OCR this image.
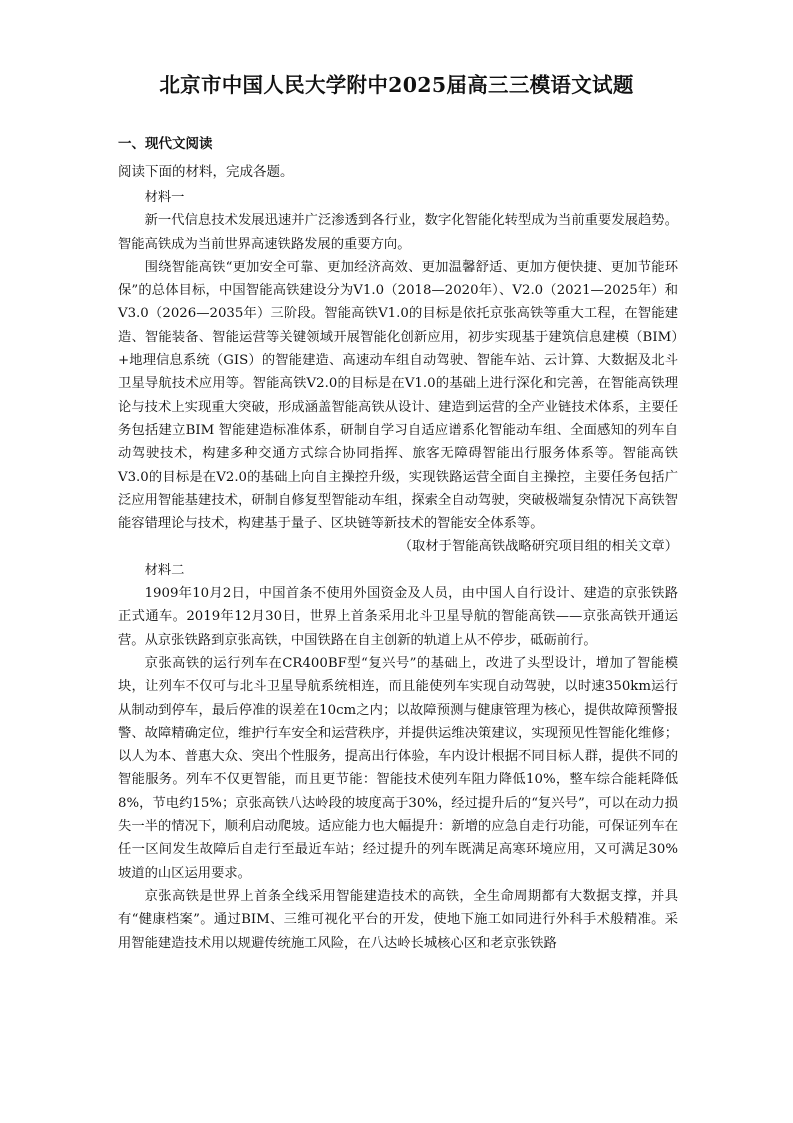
北京市中国人民大学附中2025届高三三模语文试题
一、现代文阅读
阅读下面的材料，完成各题。

材料一

新一代信息技术发展迅速并广泛渗透到各行业，数字化智能化转型成为当前重要发展趋势。智能高铁成为当前世界高速铁路发展的重要方向。

围绕智能高铁“更加安全可靠、更加经济高效、更加温馨舒适、更加方便快捷、更加节能环保”的总体目标，中国智能高铁建设分为V1.0（2018—2020年）、V2.0（2021—2025年）和V3.0（2026—2035年）三阶段。智能高铁V1.0的目标是依托京张高铁等重大工程，在智能建造、智能装备、智能运营等关键领域开展智能化创新应用，初步实现基于建筑信息建模（BIM）+地理信息系统（GIS）的智能建造、高速动车组自动驾驶、智能车站、云计算、大数据及北斗卫星导航技术应用等。智能高铁V2.0的目标是在V1.0的基础上进行深化和完善，在智能高铁理论与技术上实现重大突破，形成涵盖智能高铁从设计、建造到运营的全产业链技术体系，主要任务包括建立BIM 智能建造标准体系，研制自学习自适应谱系化智能动车组、全面感知的列车自动驾驶技术，构建多种交通方式综合协同指挥、旅客无障碍智能出行服务体系等。智能高铁V3.0的目标是在V2.0的基础上向自主操控升级，实现铁路运营全面自主操控，主要任务包括广泛应用智能基建技术，研制自修复型智能动车组，探索全自动驾驶，突破极端复杂情况下高铁智能容错理论与技术，构建基于量子、区块链等新技术的智能安全体系等。

（取材于智能高铁战略研究项目组的相关文章）

材料二

1909年10月2日，中国首条不使用外国资金及人员，由中国人自行设计、建造的京张铁路正式通车。2019年12月30日，世界上首条采用北斗卫星导航的智能高铁——京张高铁开通运营。从京张铁路到京张高铁，中国铁路在自主创新的轨道上从不停步，砥砺前行。

京张高铁的运行列车在CR400BF型“复兴号”的基础上，改进了头型设计，增加了智能模块，让列车不仅可与北斗卫星导航系统相连，而且能使列车实现自动驾驶，以时速350km运行从制动到停车，最后停准的误差在10cm之内；以故障预测与健康管理为核心，提供故障预警报警、故障精确定位，维护行车安全和运营秩序，并提供运维决策建议，实现预见性智能化维修；以人为本、普惠大众、突出个性服务，提高出行体验，车内设计根据不同目标人群，提供不同的智能服务。列车不仅更智能，而且更节能：智能技术使列车阻力降低10%，整车综合能耗降低8%，节电约15%；京张高铁八达岭段的坡度高于30%，经过提升后的“复兴号”，可以在动力损失一半的情况下，顺利启动爬坡。适应能力也大幅提升：新增的应急自走行功能，可保证列车在任一区间发生故障后自走行至最近车站；经过提升的列车既满足高寒环境应用，又可满足30%坡道的山区运用要求。

京张高铁是世界上首条全线采用智能建造技术的高铁，全生命周期都有大数据支撑，并具有“健康档案”。通过BIM、三维可视化平台的开发，使地下施工如同进行外科手术般精准。采用智能建造技术用以规避传统施工风险，在八达岭长城核心区和老京张铁路
